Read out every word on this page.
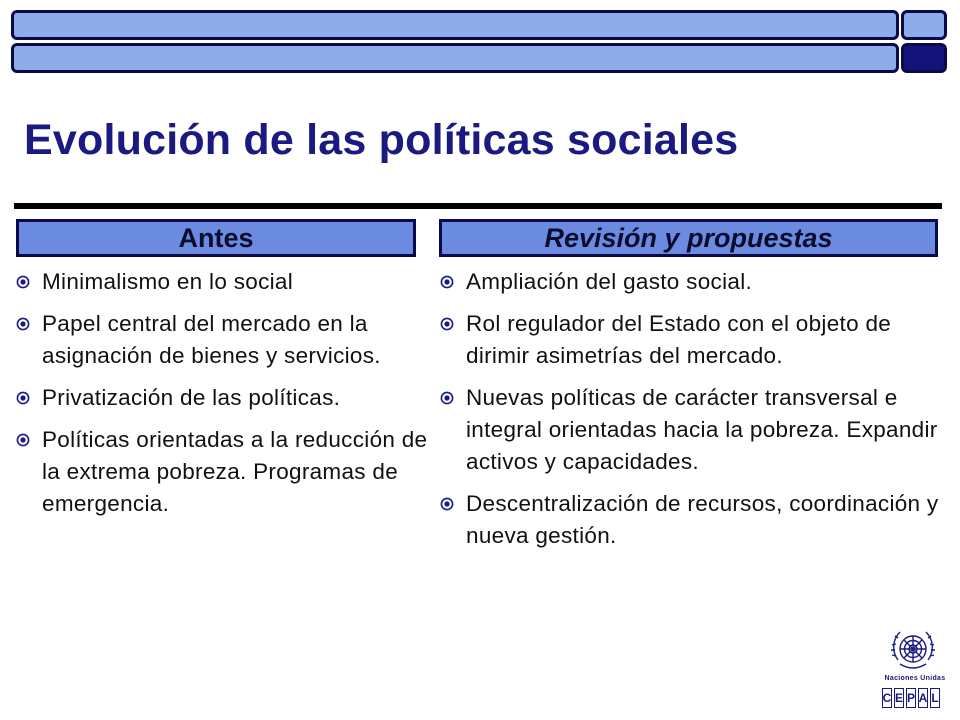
Evolución de las políticas sociales
Antes	Revisión y propuestas
Minimalismo en lo social
Papel central del mercado en la asignación de bienes y servicios.
Privatización de las políticas.
Políticas orientadas a la reducción de la extrema pobreza. Programas de emergencia.
Ampliación del gasto social.
Rol regulador del Estado con el objeto de dirimir asimetrías del mercado.
Nuevas políticas de carácter transversal e integral orientadas hacia la pobreza. Expandir activos y capacidades.
Descentralización de recursos, coordinación y nueva gestión.
Naciones Unidas
C E P A L
